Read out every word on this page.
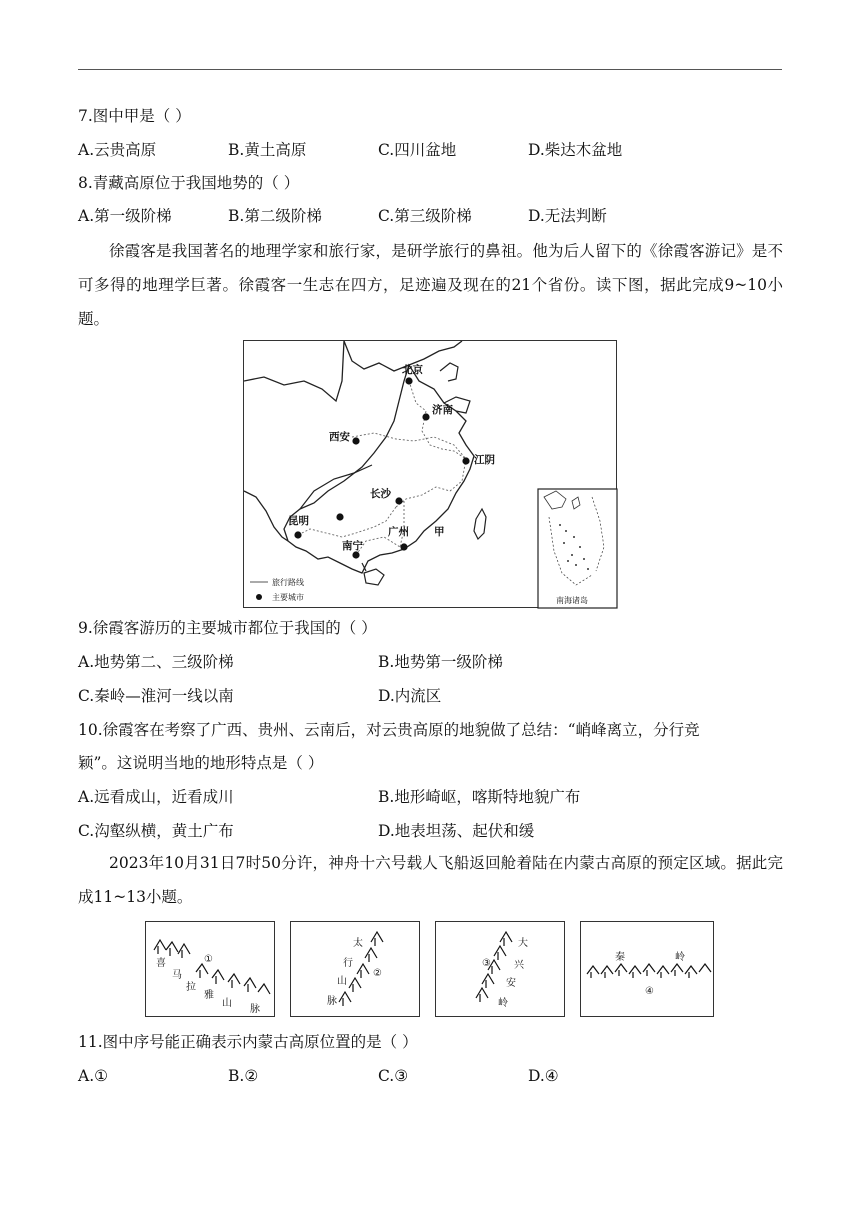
7.图中甲是（ ）
A.云贵高原	B.黄土高原	C.四川盆地	D.柴达木盆地
8.青藏高原位于我国地势的（ ）
A.第一级阶梯	B.第二级阶梯	C.第三级阶梯	D.无法判断
徐霞客是我国著名的地理学家和旅行家，是研学旅行的鼻祖。他为后人留下的《徐霞客游记》是不可多得的地理学巨著。徐霞客一生志在四方，足迹遍及现在的21个省份。读下图，据此完成9~10小题。
北京
济南
西安
江阴
长沙
昆明
广州
南宁
甲
旅行路线
主要城市	南海诸岛
9.徐霞客游历的主要城市都位于我国的（ ）
A.地势第二、三级阶梯	B.地势第一级阶梯
C.秦岭—淮河一线以南	D.内流区
10.徐霞客在考察了广西、贵州、云南后，对云贵高原的地貌做了总结：“峭峰离立，分行竞
颖”。这说明当地的地形特点是（ ）
A.远看成山，近看成川	B.地形崎岖，喀斯特地貌广布
C.沟壑纵横，黄土广布	D.地表坦荡、起伏和缓
2023年10月31日7时50分许，神舟十六号载人飞船返回舱着陆在内蒙古高原的预定区域。据此完成11~13小题。
喜
马
拉
雅
山
脉
①
太
行
山
脉
②
大
兴
安
岭
③
秦	岭
④
11.图中序号能正确表示内蒙古高原位置的是（ ）
A.①	B.②	C.③	D.④
